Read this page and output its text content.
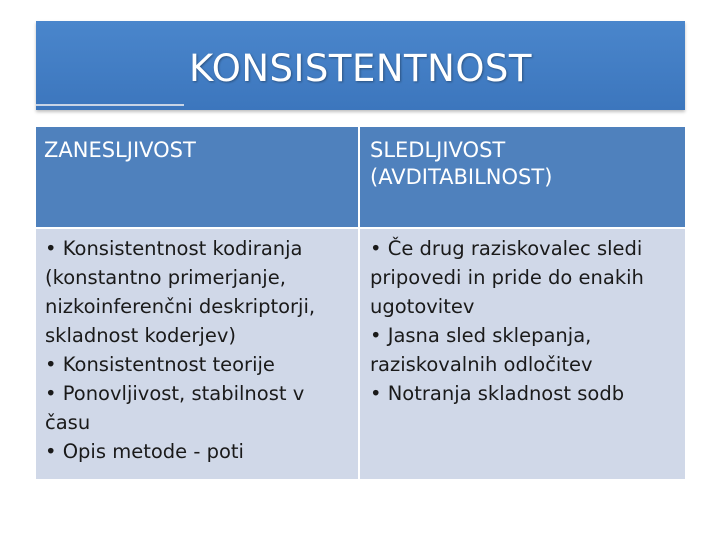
KONSISTENTNOST
ZANESLJIVOST	SLEDLJIVOST
(AVDITABILNOST)
• Konsistentnost kodiranja
(konstantno primerjanje,
nizkoinferenčni deskriptorji,
skladnost koderjev)
• Konsistentnost teorije
• Ponovljivost, stabilnost v
času
• Opis metode - poti
• Če drug raziskovalec sledi
pripovedi in pride do enakih
ugotovitev
• Jasna sled sklepanja,
raziskovalnih odločitev
• Notranja skladnost sodb
